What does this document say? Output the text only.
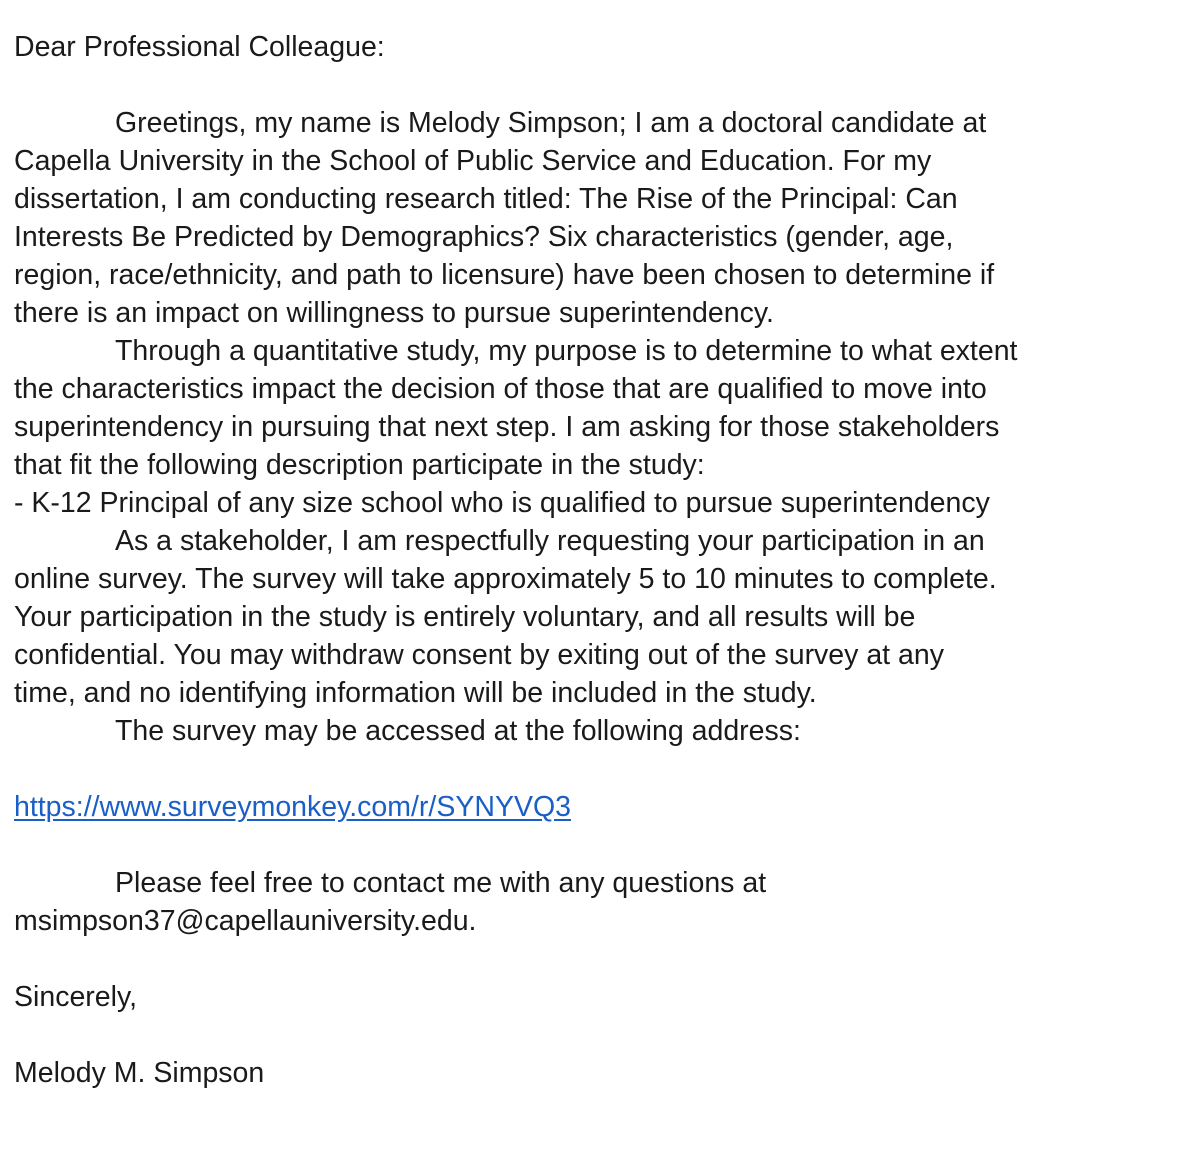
Dear Professional Colleague:
Greetings, my name is Melody Simpson; I am a doctoral candidate at
Capella University in the School of Public Service and Education. For my
dissertation, I am conducting research titled: The Rise of the Principal: Can
Interests Be Predicted by Demographics? Six characteristics (gender, age,
region, race/ethnicity, and path to licensure) have been chosen to determine if
there is an impact on willingness to pursue superintendency.
Through a quantitative study, my purpose is to determine to what extent
the characteristics impact the decision of those that are qualified to move into
superintendency in pursuing that next step. I am asking for those stakeholders
that fit the following description participate in the study:
- K-12 Principal of any size school who is qualified to pursue superintendency
As a stakeholder, I am respectfully requesting your participation in an
online survey. The survey will take approximately 5 to 10 minutes to complete.
Your participation in the study is entirely voluntary, and all results will be
confidential. You may withdraw consent by exiting out of the survey at any
time, and no identifying information will be included in the study.
The survey may be accessed at the following address:
https://www.surveymonkey.com/r/SYNYVQ3
Please feel free to contact me with any questions at
msimpson37@capellauniversity.edu.
Sincerely,
Melody M. Simpson
